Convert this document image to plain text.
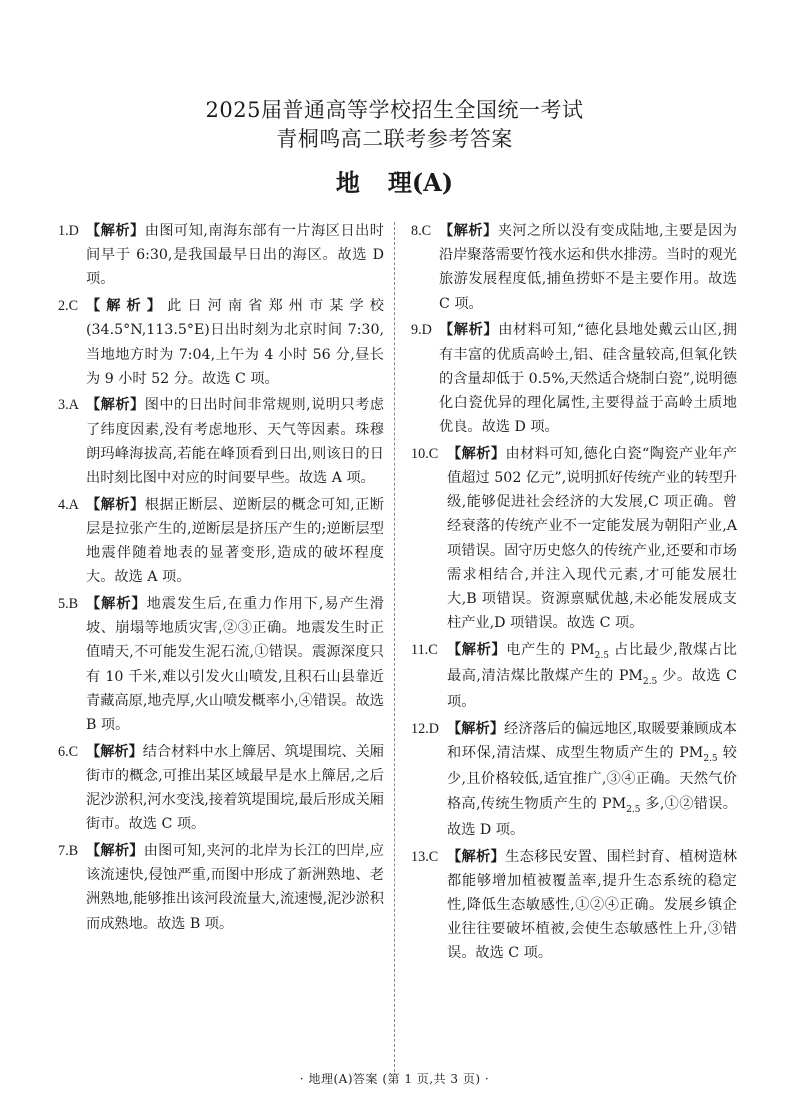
2025届普通高等学校招生全国统一考试
青桐鸣高二联考参考答案
地 理(A)
1.D 【解析】由图可知,南海东部有一片海区日出时间早于 6:30,是我国最早日出的海区。故选 D 项。
2.C 【解析】此日河南省郑州市某学校(34.5°N,113.5°E)日出时刻为北京时间 7:30,当地地方时为 7:04,上午为 4 小时 56 分,昼长为 9 小时 52 分。故选 C 项。
3.A 【解析】图中的日出时间非常规则,说明只考虑了纬度因素,没有考虑地形、天气等因素。珠穆朗玛峰海拔高,若能在峰顶看到日出,则该日的日出时刻比图中对应的时间要早些。故选 A 项。
4.A 【解析】根据正断层、逆断层的概念可知,正断层是拉张产生的,逆断层是挤压产生的;逆断层型地震伴随着地表的显著变形,造成的破坏程度大。故选 A 项。
5.B 【解析】地震发生后,在重力作用下,易产生滑坡、崩塌等地质灾害,②③正确。地震发生时正值晴天,不可能发生泥石流,①错误。震源深度只有 10 千米,难以引发火山喷发,且积石山县靠近青藏高原,地壳厚,火山喷发概率小,④错误。故选 B 项。
6.C 【解析】结合材料中水上簰居、筑堤围垸、关厢街市的概念,可推出某区域最早是水上簰居,之后泥沙淤积,河水变浅,接着筑堤围垸,最后形成关厢街市。故选 C 项。
7.B 【解析】由图可知,夹河的北岸为长江的凹岸,应该流速快,侵蚀严重,而图中形成了新洲熟地、老洲熟地,能够推出该河段流量大,流速慢,泥沙淤积而成熟地。故选 B 项。
8.C 【解析】夹河之所以没有变成陆地,主要是因为沿岸聚落需要竹筏水运和供水排涝。当时的观光旅游发展程度低,捕鱼捞虾不是主要作用。故选 C 项。
9.D 【解析】由材料可知,“德化县地处戴云山区,拥有丰富的优质高岭土,铝、硅含量较高,但氧化铁的含量却低于 0.5%,天然适合烧制白瓷”,说明德化白瓷优异的理化属性,主要得益于高岭土质地优良。故选 D 项。
10.C 【解析】由材料可知,德化白瓷“陶瓷产业年产值超过 502 亿元”,说明抓好传统产业的转型升级,能够促进社会经济的大发展,C 项正确。曾经衰落的传统产业不一定能发展为朝阳产业,A 项错误。固守历史悠久的传统产业,还要和市场需求相结合,并注入现代元素,才可能发展壮大,B 项错误。资源禀赋优越,未必能发展成支柱产业,D 项错误。故选 C 项。
11.C 【解析】电产生的 $PM_{2.5}$ 占比最少,散煤占比最高,清洁煤比散煤产生的 $PM_{2.5}$ 少。故选 C 项。
12.D 【解析】经济落后的偏远地区,取暖要兼顾成本和环保,清洁煤、成型生物质产生的 $PM_{2.5}$ 较少,且价格较低,适宜推广,③④正确。天然气价格高,传统生物质产生的 $PM_{2.5}$ 多,①②错误。故选 D 项。
13.C 【解析】生态移民安置、围栏封育、植树造林都能够增加植被覆盖率,提升生态系统的稳定性,降低生态敏感性,①②④正确。发展乡镇企业往往要破坏植被,会使生态敏感性上升,③错误。故选 C 项。
· 地理(A)答案 (第 1 页,共 3 页) ·
